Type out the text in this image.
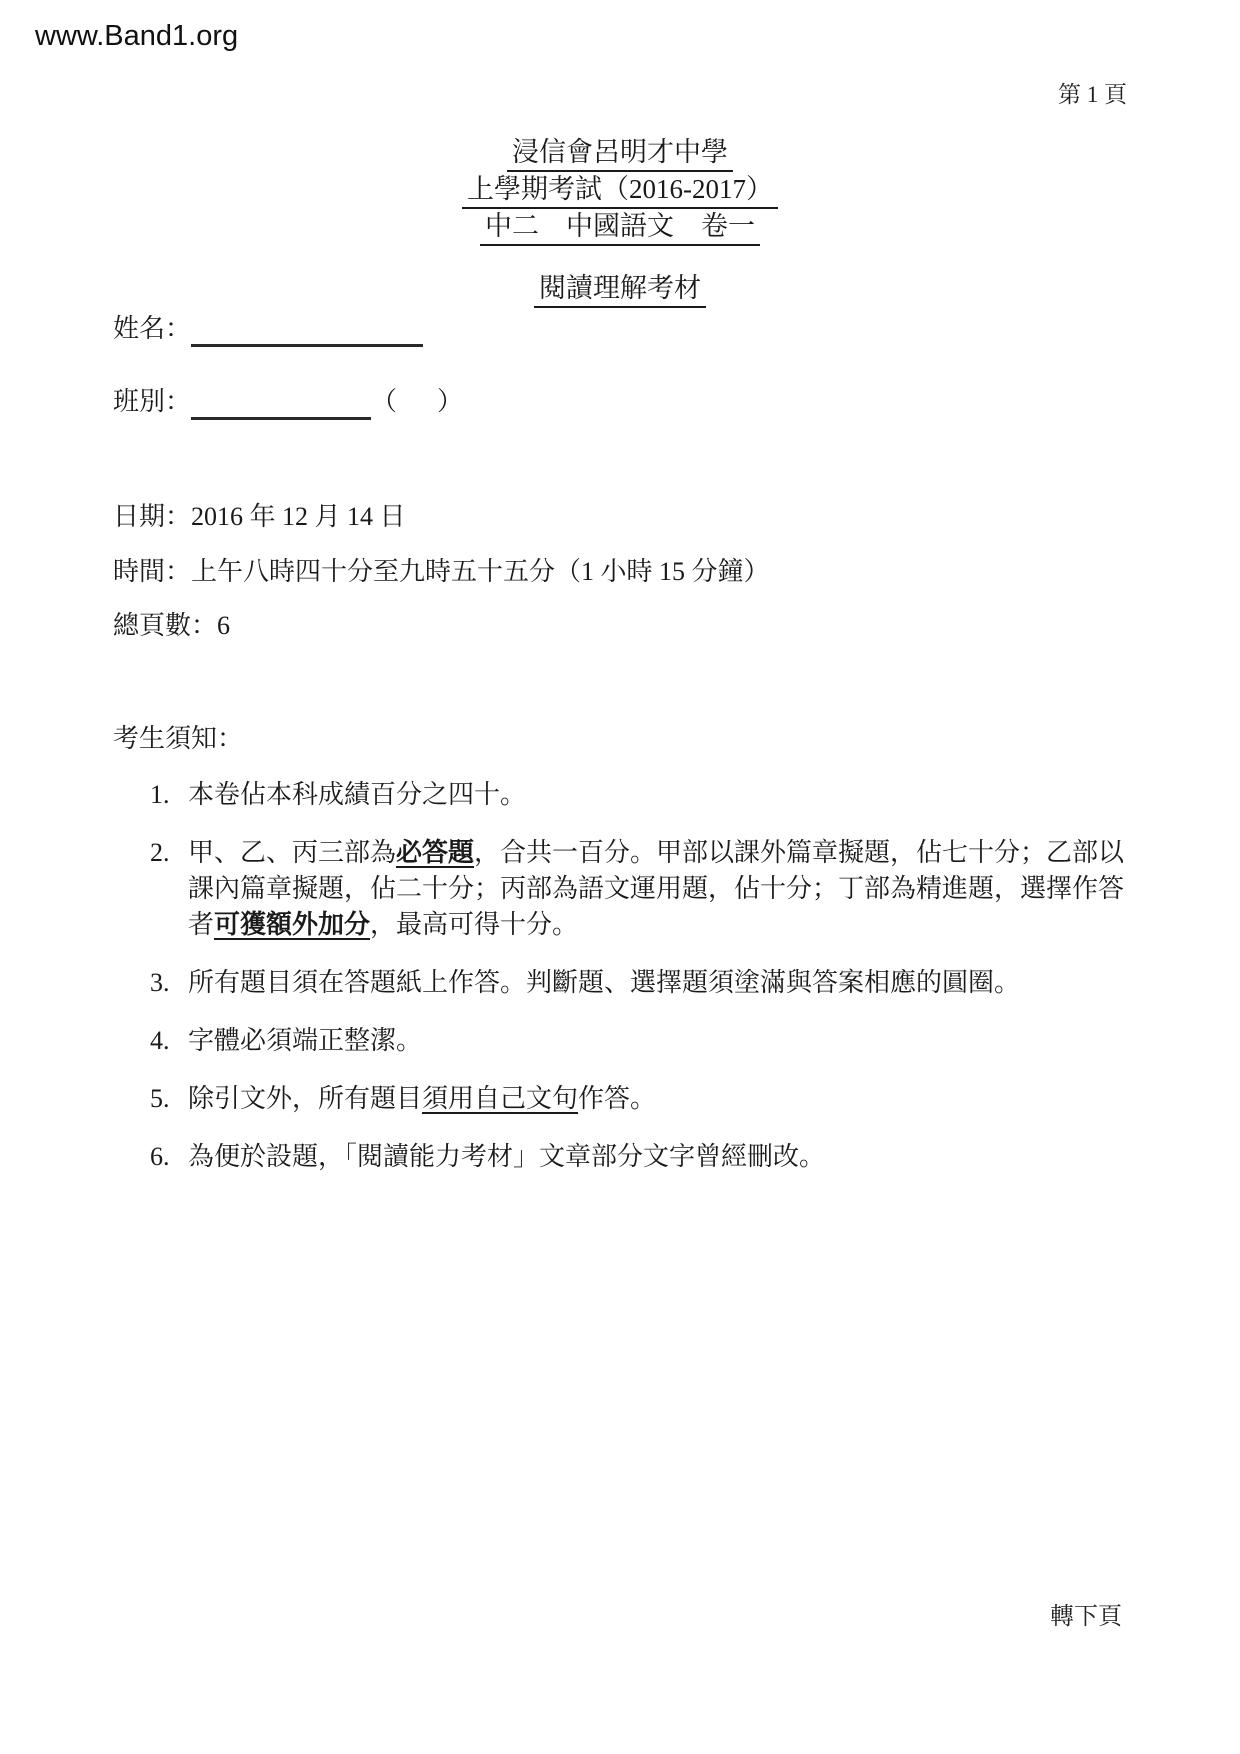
www.Band1.org
第 1 頁
浸信會呂明才中學
上學期考試（2016-2017）
中二　中國語文　卷一
閱讀理解考材
姓名：
班別：	（ ）
日期：2016 年 12 月 14 日
時間：上午八時四十分至九時五十五分（1 小時 15 分鐘）
總頁數：6
考生須知：
1. 本卷佔本科成績百分之四十。
2. 甲、乙、丙三部為必答題，合共一百分。甲部以課外篇章擬題，佔七十分；乙部以課內篇章擬題，佔二十分；丙部為語文運用題，佔十分；丁部為精進題，選擇作答者可獲額外加分，最高可得十分。
3. 所有題目須在答題紙上作答。判斷題、選擇題須塗滿與答案相應的圓圈。
4. 字體必須端正整潔。
5. 除引文外，所有題目須用自己文句作答。
6. 為便於設題，「閱讀能力考材」文章部分文字曾經刪改。
轉下頁
